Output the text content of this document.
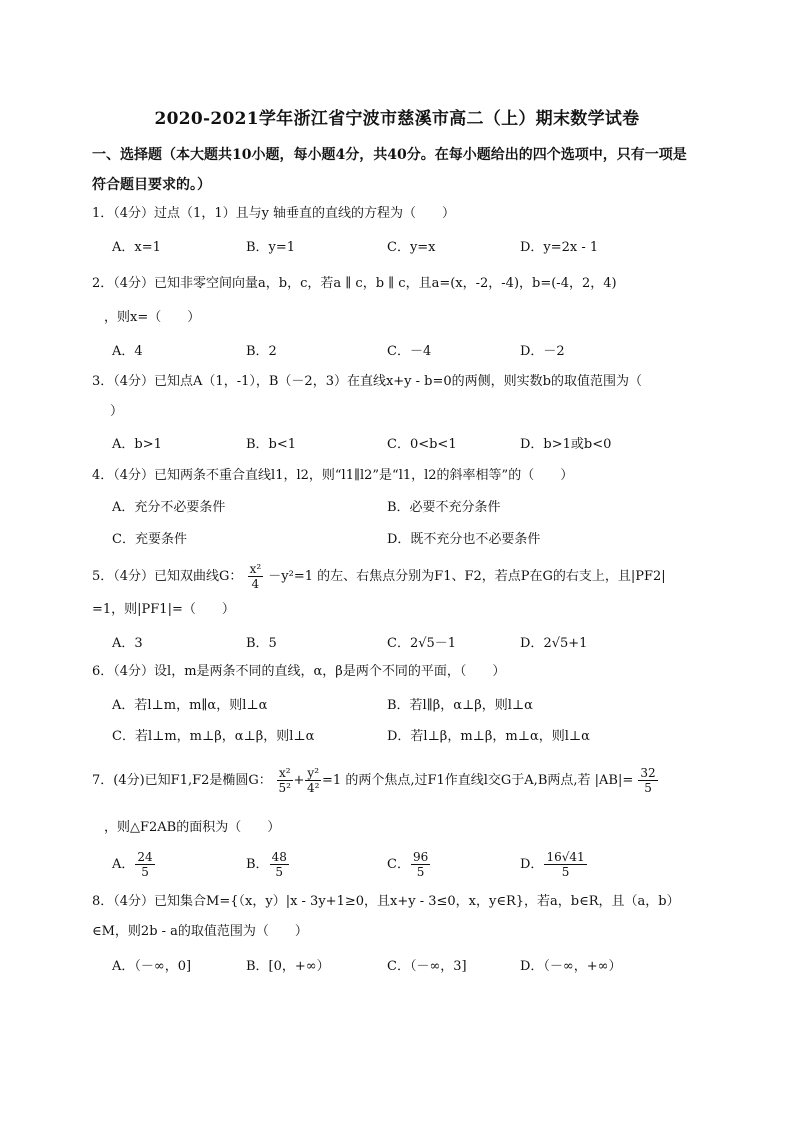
2020-2021学年浙江省宁波市慈溪市高二（上）期末数学试卷
一、选择题（本大题共10小题，每小题4分，共40分。在每小题给出的四个选项中，只有一项是
符合题目要求的。）
1．（4分）过点（1，1）且与y 轴垂直的直线的方程为（　　）
A．x=1	B．y=1	C．y=x	D．y=2x - 1
2．（4分）已知非零空间向量a，b，c，若a ∥ c，b ∥ c，且a=(x，-2，-4)，b=(-4，2，4)
，则x=（　　）
A．4	B．2	C．－4	D．－2
3．（4分）已知点A（1，-1），B（－2，3）在直线x+y - b=0的两侧，则实数b的取值范围为（
）
A．b>1	B．b<1	C．0<b<1	D．b>1或b<0
4．（4分）已知两条不重合直线l1，l2，则“l1∥l2”是“l1，l2的斜率相等”的（　　）
A．充分不必要条件	B．必要不充分条件
C．充要条件	D．既不充分也不必要条件
5．（4分）已知双曲线G： $\frac{\text{x²}}{4} -y^2=1$ 的左、右焦点分别为F1、F2，若点P在G的右支上，且|PF2|
=1，则|PF1|=（　　）
A．3	B．5	C．2√5－1	D．2√5+1
6．（4分）设l，m是两条不同的直线，α，β是两个不同的平面，（　　）
A．若l⊥m，m∥α，则l⊥α	B．若l∥β，α⊥β，则l⊥α
C．若l⊥m，m⊥β，α⊥β，则l⊥α	D．若l⊥β，m⊥β，m⊥α，则l⊥α
7．(4分)已知F1,F2是椭圆G： $\frac{\text{x²}}{\text{5²}} + \frac{\text{y²}}{\text{4²}} =1$ 的两个焦点,过F1作直线l交G于A,B两点,若 $|AB|= \frac{32}{5}$
，则△F2AB的面积为（　　）
A． $\frac{24}{5}$	B． $\frac{48}{5}$	C． $\frac{96}{5}$	D． $\frac{16√41}{5}$
8．（4分）已知集合M={（x，y）|x - 3y+1≥0，且x+y - 3≤0，x，y∈R}，若a，b∈R，且（a，b）
∈M，则2b - a的取值范围为（　　）
A．（－∞，0]	B．[0，+∞）	C．（－∞，3]	D．（－∞，+∞）
